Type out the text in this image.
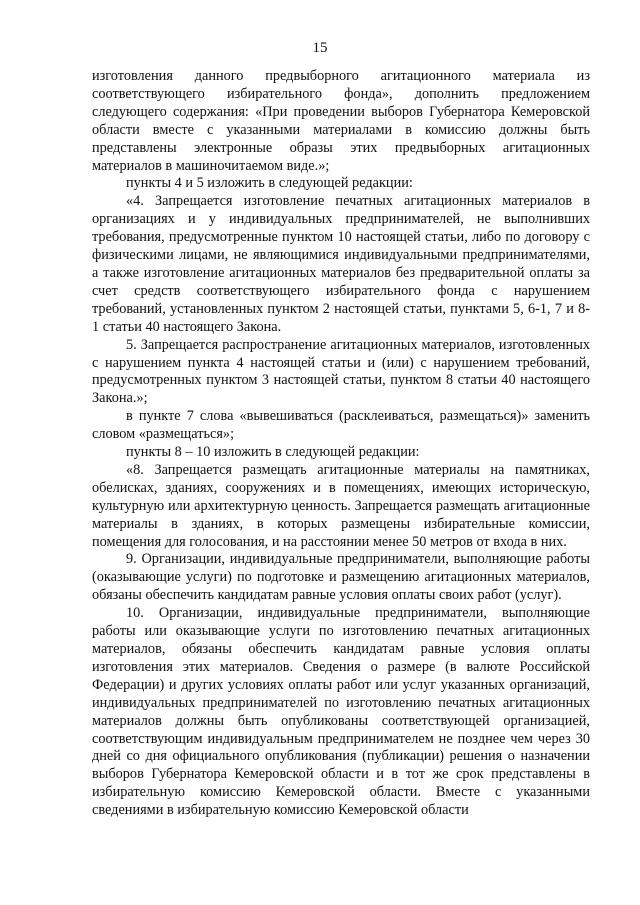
15

изготовления данного предвыборного агитационного материала из соответствующего избирательного фонда», дополнить предложением следующего содержания: «При проведении выборов Губернатора Кемеровской области вместе с указанными материалами в комиссию должны быть представлены электронные образы этих предвыборных агитационных материалов в машиночитаемом виде.»;

пункты 4 и 5 изложить в следующей редакции:

«4. Запрещается изготовление печатных агитационных материалов в организациях и у индивидуальных предпринимателей, не выполнивших требования, предусмотренные пунктом 10 настоящей статьи, либо по договору с физическими лицами, не являющимися индивидуальными предпринимателями, а также изготовление агитационных материалов без предварительной оплаты за счет средств соответствующего избирательного фонда с нарушением требований, установленных пунктом 2 настоящей статьи, пунктами 5, 6-1, 7 и 8-1 статьи 40 настоящего Закона.

5. Запрещается распространение агитационных материалов, изготовленных с нарушением пункта 4 настоящей статьи и (или) с нарушением требований, предусмотренных пунктом 3 настоящей статьи, пунктом 8 статьи 40 настоящего Закона.»;

в пункте 7 слова «вывешиваться (расклеиваться, размещаться)» заменить словом «размещаться»;

пункты 8 – 10 изложить в следующей редакции:

«8. Запрещается размещать агитационные материалы на памятниках, обелисках, зданиях, сооружениях и в помещениях, имеющих историческую, культурную или архитектурную ценность. Запрещается размещать агитационные материалы в зданиях, в которых размещены избирательные комиссии, помещения для голосования, и на расстоянии менее 50 метров от входа в них.

9. Организации, индивидуальные предприниматели, выполняющие работы (оказывающие услуги) по подготовке и размещению агитационных материалов, обязаны обеспечить кандидатам равные условия оплаты своих работ (услуг).

10. Организации, индивидуальные предприниматели, выполняющие работы или оказывающие услуги по изготовлению печатных агитационных материалов, обязаны обеспечить кандидатам равные условия оплаты изготовления этих материалов. Сведения о размере (в валюте Российской Федерации) и других условиях оплаты работ или услуг указанных организаций, индивидуальных предпринимателей по изготовлению печатных агитационных материалов должны быть опубликованы соответствующей организацией, соответствующим индивидуальным предпринимателем не позднее чем через 30 дней со дня официального опубликования (публикации) решения о назначении выборов Губернатора Кемеровской области и в тот же срок представлены в избирательную комиссию Кемеровской области. Вместе с указанными сведениями в избирательную комиссию Кемеровской области
